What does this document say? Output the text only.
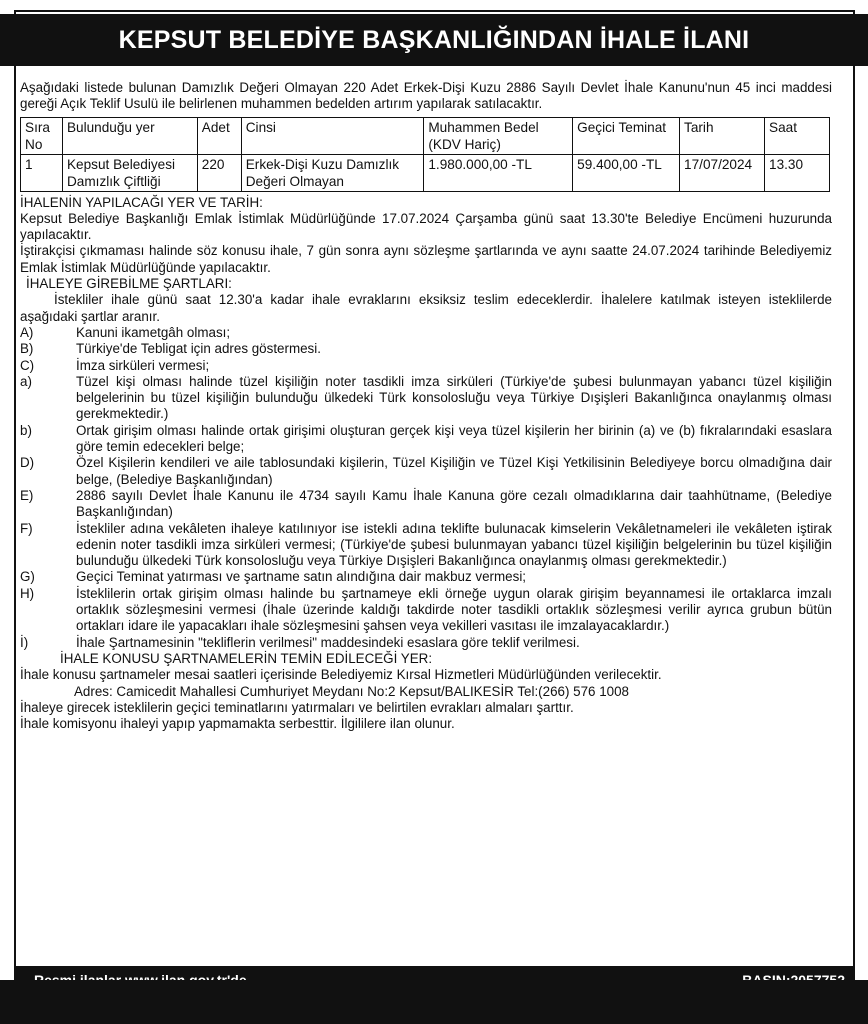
KEPSUT BELEDİYE BAŞKANLIĞINDAN İHALE İLANI

Aşağıdaki listede bulunan Damızlık Değeri Olmayan 220 Adet Erkek-Dişi Kuzu 2886 Sayılı Devlet İhale Kanunu'nun 45 inci maddesi gereği Açık Teklif Usulü ile belirlenen muhammen bedelden artırım yapılarak satılacaktır.

Sıra No	Bulunduğu yer	Adet	Cinsi	Muhammen Bedel (KDV Hariç)	Geçici Teminat	Tarih	Saat
1	Kepsut Belediyesi Damızlık Çiftliği	220	Erkek-Dişi Kuzu Damızlık Değeri Olmayan	1.980.000,00 -TL	59.400,00 -TL	17/07/2024	13.30

İHALENİN YAPILACAĞI YER VE TARİH:

Kepsut Belediye Başkanlığı Emlak İstimlak Müdürlüğünde 17.07.2024 Çarşamba günü saat 13.30'te Belediye Encümeni huzurunda yapılacaktır.

İştirakçisi çıkmaması halinde söz konusu ihale, 7 gün sonra aynı sözleşme şartlarında ve aynı saatte 24.07.2024 tarihinde Belediyemiz Emlak İstimlak Müdürlüğünde yapılacaktır.

İHALEYE GİREBİLME ŞARTLARI:

İstekliler ihale günü saat 12.30'a kadar ihale evraklarını eksiksiz teslim edeceklerdir. İhalelere katılmak isteyen isteklilerde aşağıdaki şartlar aranır.

A)	Kanuni ikametgâh olması;
B)	Türkiye'de Tebligat için adres göstermesi.
C)	İmza sirküleri vermesi;
a)	Tüzel kişi olması halinde tüzel kişiliğin noter tasdikli imza sirküleri (Türkiye'de şubesi bulunmayan yabancı tüzel kişiliğin belgelerinin bu tüzel kişiliğin bulunduğu ülkedeki Türk konsolosluğu veya Türkiye Dışişleri Bakanlığınca onaylanmış olması gerekmektedir.)
b)	Ortak girişim olması halinde ortak girişimi oluşturan gerçek kişi veya tüzel kişilerin her birinin (a) ve (b) fıkralarındaki esaslara göre temin edecekleri belge;
D)	Özel Kişilerin kendileri ve aile tablosundaki kişilerin, Tüzel Kişiliğin ve Tüzel Kişi Yetkilisinin Belediyeye borcu olmadığına dair belge, (Belediye Başkanlığından)
E)	2886 sayılı Devlet İhale Kanunu ile 4734 sayılı Kamu İhale Kanuna göre cezalı olmadıklarına dair taahhütname, (Belediye Başkanlığından)
F)	İstekliler adına vekâleten ihaleye katılınıyor ise istekli adına teklifte bulunacak kimselerin Vekâletnameleri ile vekâleten iştirak edenin noter tasdikli imza sirküleri vermesi; (Türkiye'de şubesi bulunmayan yabancı tüzel kişiliğin belgelerinin bu tüzel kişiliğin bulunduğu ülkedeki Türk konsolosluğu veya Türkiye Dışişleri Bakanlığınca onaylanmış olması gerekmektedir.)
G)	Geçici Teminat yatırması ve şartname satın alındığına dair makbuz vermesi;
H)	İsteklilerin ortak girişim olması halinde bu şartnameye ekli örneğe uygun olarak girişim beyannamesi ile ortaklarca imzalı ortaklık sözleşmesini vermesi (İhale üzerinde kaldığı takdirde noter tasdikli ortaklık sözleşmesi verilir ayrıca grubun bütün ortakları idare ile yapacakları ihale sözleşmesini şahsen veya vekilleri vasıtası ile imzalayacaklardır.)
İ)	İhale Şartnamesinin "tekliflerin verilmesi" maddesindeki esaslara göre teklif verilmesi.

İHALE KONUSU ŞARTNAMELERİN TEMİN EDİLECEĞİ YER:

İhale konusu şartnameler mesai saatleri içerisinde Belediyemiz Kırsal Hizmetleri Müdürlüğünden verilecektir.

Adres: Camicedit Mahallesi Cumhuriyet Meydanı No:2 Kepsut/BALIKESİR Tel:(266) 576 1008

İhaleye girecek isteklilerin geçici teminatlarını yatırmaları ve belirtilen evrakları almaları şarttır.

İhale komisyonu ihaleyi yapıp yapmamakta serbesttir. İlgililere ilan olunur.
